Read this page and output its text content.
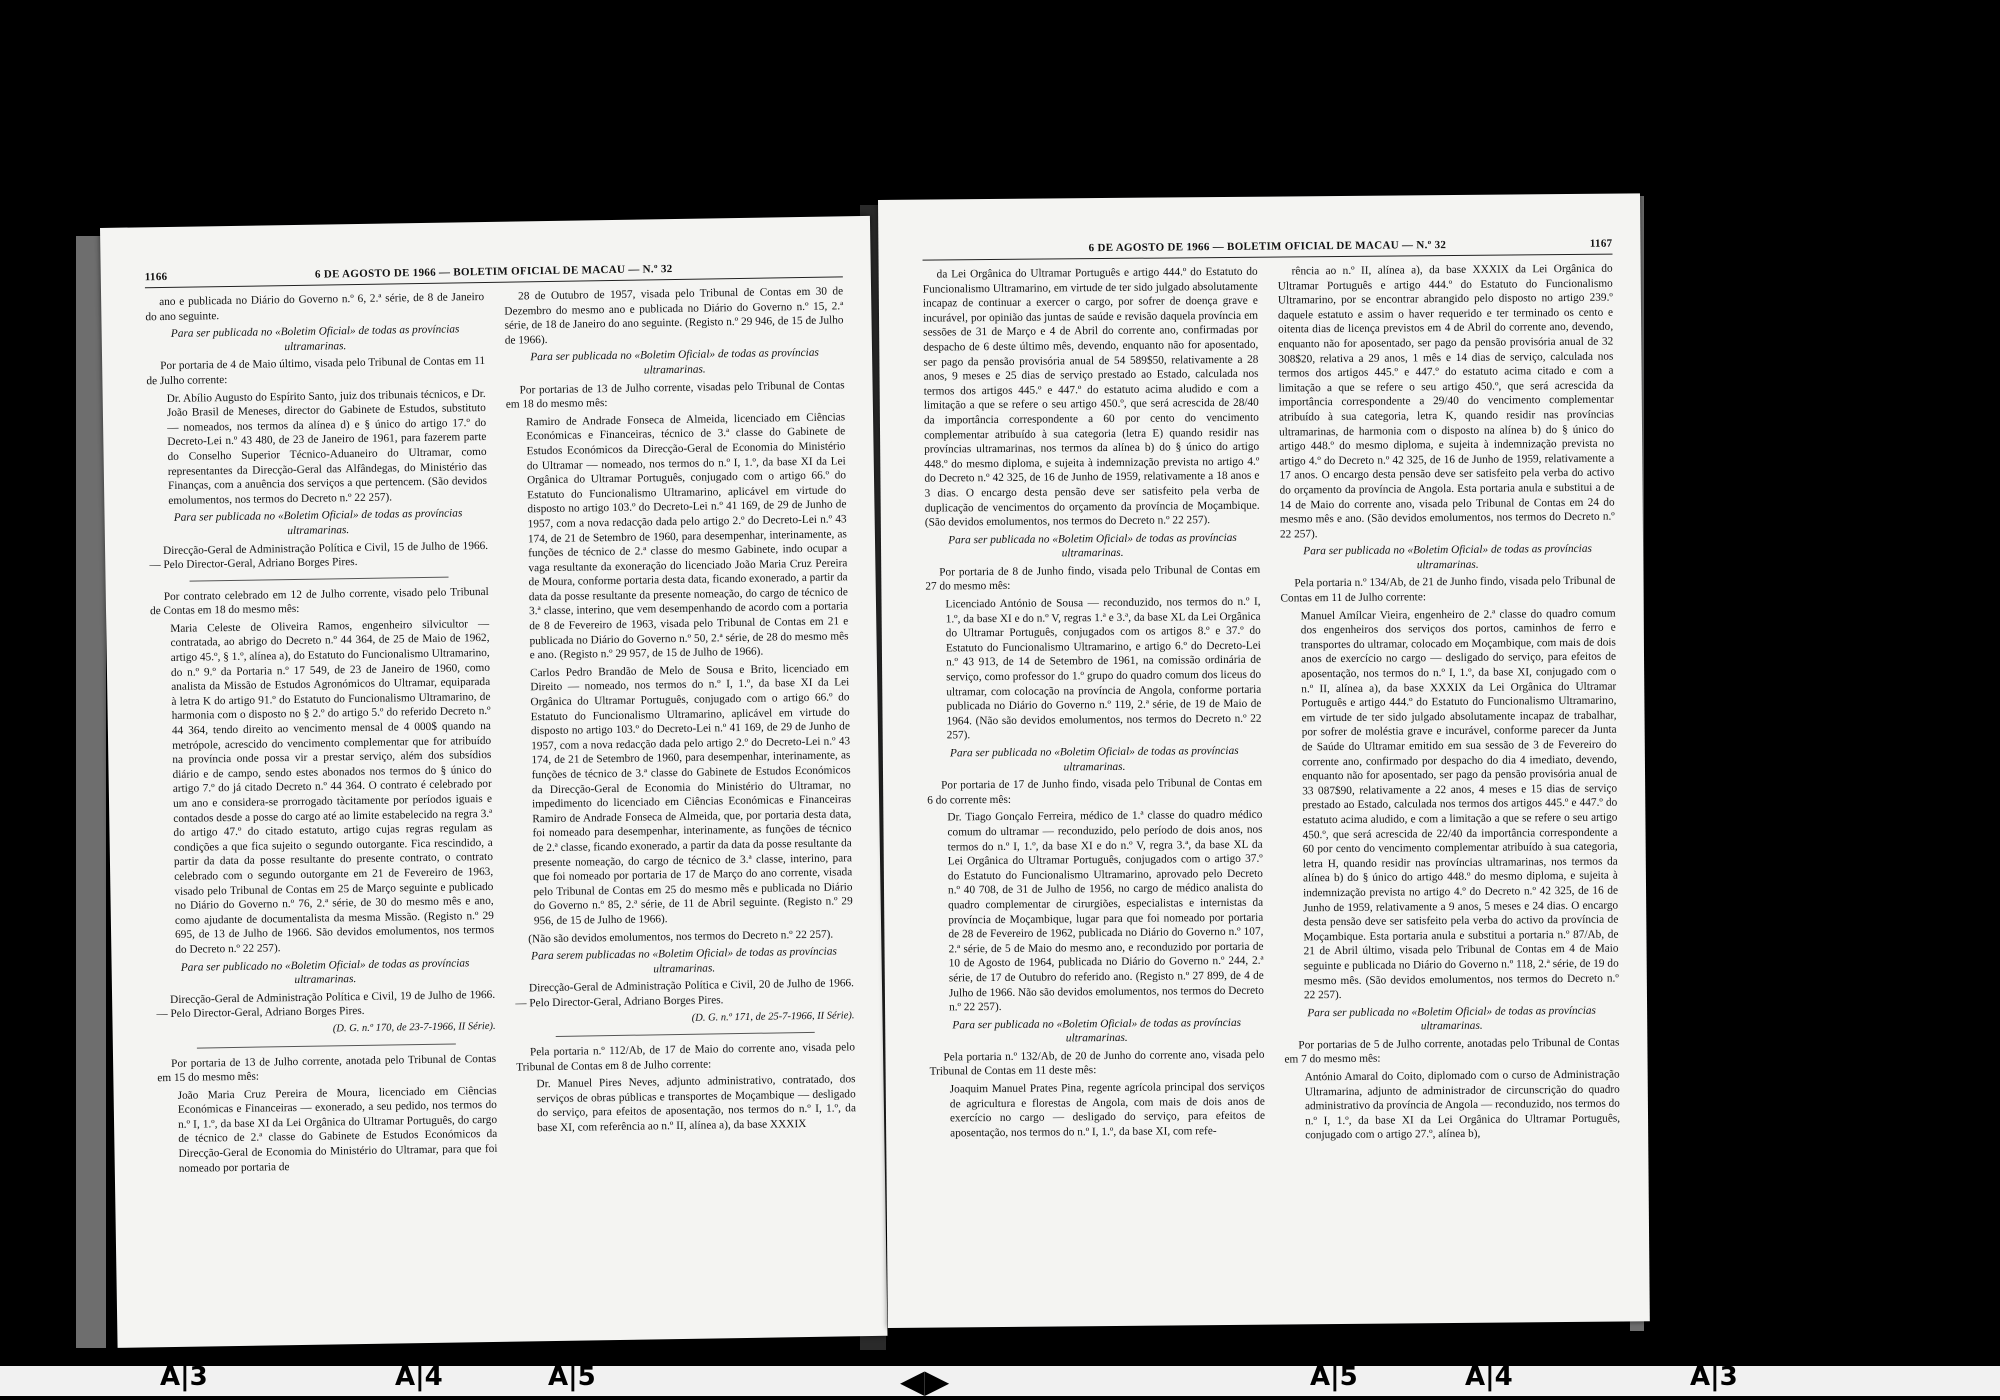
1166	6 DE AGOSTO DE 1966 — BOLETIM OFICIAL DE MACAU — N.º 32

ano e publicada no Diário do Governo n.º 6, 2.ª série, de 8 de Janeiro do ano seguinte.

Para ser publicada no «Boletim Oficial» de todas as províncias ultramarinas.

Por portaria de 4 de Maio último, visada pelo Tribunal de Contas em 11 de Julho corrente:

Dr. Abílio Augusto do Espírito Santo, juiz dos tribunais técnicos, e Dr. João Brasil de Meneses, director do Gabinete de Estudos, substituto — nomeados, nos termos da alínea d) e § único do artigo 17.º do Decreto-Lei n.º 43 480, de 23 de Janeiro de 1961, para fazerem parte do Conselho Superior Técnico-Aduaneiro do Ultramar, como representantes da Direcção-Geral das Alfândegas, do Ministério das Finanças, com a anuência dos serviços a que pertencem. (São devidos emolumentos, nos termos do Decreto n.º 22 257).

Para ser publicada no «Boletim Oficial» de todas as províncias ultramarinas.

Direcção-Geral de Administração Política e Civil, 15 de Julho de 1966. — Pelo Director-Geral, Adriano Borges Pires.

Por contrato celebrado em 12 de Julho corrente, visado pelo Tribunal de Contas em 18 do mesmo mês:

Maria Celeste de Oliveira Ramos, engenheiro silvicultor — contratada, ao abrigo do Decreto n.º 44 364, de 25 de Maio de 1962, artigo 45.º, § 1.º, alínea a), do Estatuto do Funcionalismo Ultramarino, do n.º 9.º da Portaria n.º 17 549, de 23 de Janeiro de 1960, como analista da Missão de Estudos Agronómicos do Ultramar, equiparada à letra K do artigo 91.º do Estatuto do Funcionalismo Ultramarino, de harmonia com o disposto no § 2.º do artigo 5.º do referido Decreto n.º 44 364, tendo direito ao vencimento mensal de 4 000$ quando na metrópole, acrescido do vencimento complementar que for atribuído na província onde possa vir a prestar serviço, além dos subsídios diário e de campo, sendo estes abonados nos termos do § único do artigo 7.º do já citado Decreto n.º 44 364. O contrato é celebrado por um ano e considera-se prorrogado tàcitamente por períodos iguais e contados desde a posse do cargo até ao limite estabelecido na regra 3.ª do artigo 47.º do citado estatuto, artigo cujas regras regulam as condições a que fica sujeito o segundo outorgante. Fica rescindido, a partir da data da posse resultante do presente contrato, o contrato celebrado com o segundo outorgante em 21 de Fevereiro de 1963, visado pelo Tribunal de Contas em 25 de Março seguinte e publicado no Diário do Governo n.º 76, 2.ª série, de 30 do mesmo mês e ano, como ajudante de documentalista da mesma Missão. (Registo n.º 29 695, de 13 de Julho de 1966. São devidos emolumentos, nos termos do Decreto n.º 22 257).

Para ser publicado no «Boletim Oficial» de todas as províncias ultramarinas.

Direcção-Geral de Administração Política e Civil, 19 de Julho de 1966. — Pelo Director-Geral, Adriano Borges Pires.

(D. G. n.º 170, de 23-7-1966, II Série).

Por portaria de 13 de Julho corrente, anotada pelo Tribunal de Contas em 15 do mesmo mês:

João Maria Cruz Pereira de Moura, licenciado em Ciências Económicas e Financeiras — exonerado, a seu pedido, nos termos do n.º I, 1.º, da base XI da Lei Orgânica do Ultramar Português, do cargo de técnico de 2.ª classe do Gabinete de Estudos Económicos da Direcção-Geral de Economia do Ministério do Ultramar, para que foi nomeado por portaria de

28 de Outubro de 1957, visada pelo Tribunal de Contas em 30 de Dezembro do mesmo ano e publicada no Diário do Governo n.º 15, 2.ª série, de 18 de Janeiro do ano seguinte. (Registo n.º 29 946, de 15 de Julho de 1966).

Para ser publicada no «Boletim Oficial» de todas as províncias ultramarinas.

Por portarias de 13 de Julho corrente, visadas pelo Tribunal de Contas em 18 do mesmo mês:

Ramiro de Andrade Fonseca de Almeida, licenciado em Ciências Económicas e Financeiras, técnico de 3.ª classe do Gabinete de Estudos Económicos da Direcção-Geral de Economia do Ministério do Ultramar — nomeado, nos termos do n.º I, 1.º, da base XI da Lei Orgânica do Ultramar Português, conjugado com o artigo 66.º do Estatuto do Funcionalismo Ultramarino, aplicável em virtude do disposto no artigo 103.º do Decreto-Lei n.º 41 169, de 29 de Junho de 1957, com a nova redacção dada pelo artigo 2.º do Decreto-Lei n.º 43 174, de 21 de Setembro de 1960, para desempenhar, interinamente, as funções de técnico de 2.ª classe do mesmo Gabinete, indo ocupar a vaga resultante da exoneração do licenciado João Maria Cruz Pereira de Moura, conforme portaria desta data, ficando exonerado, a partir da data da posse resultante da presente nomeação, do cargo de técnico de 3.ª classe, interino, que vem desempenhando de acordo com a portaria de 8 de Fevereiro de 1963, visada pelo Tribunal de Contas em 21 e publicada no Diário do Governo n.º 50, 2.ª série, de 28 do mesmo mês e ano. (Registo n.º 29 957, de 15 de Julho de 1966).

Carlos Pedro Brandão de Melo de Sousa e Brito, licenciado em Direito — nomeado, nos termos do n.º I, 1.º, da base XI da Lei Orgânica do Ultramar Português, conjugado com o artigo 66.º do Estatuto do Funcionalismo Ultramarino, aplicável em virtude do disposto no artigo 103.º do Decreto-Lei n.º 41 169, de 29 de Junho de 1957, com a nova redacção dada pelo artigo 2.º do Decreto-Lei n.º 43 174, de 21 de Setembro de 1960, para desempenhar, interinamente, as funções de técnico de 3.ª classe do Gabinete de Estudos Económicos da Direcção-Geral de Economia do Ministério do Ultramar, no impedimento do licenciado em Ciências Económicas e Financeiras Ramiro de Andrade Fonseca de Almeida, que, por portaria desta data, foi nomeado para desempenhar, interinamente, as funções de técnico de 2.ª classe, ficando exonerado, a partir da data da posse resultante da presente nomeação, do cargo de técnico de 3.ª classe, interino, para que foi nomeado por portaria de 17 de Março do ano corrente, visada pelo Tribunal de Contas em 25 do mesmo mês e publicada no Diário do Governo n.º 85, 2.ª série, de 11 de Abril seguinte. (Registo n.º 29 956, de 15 de Julho de 1966).

(Não são devidos emolumentos, nos termos do Decreto n.º 22 257).

Para serem publicadas no «Boletim Oficial» de todas as províncias ultramarinas.

Direcção-Geral de Administração Política e Civil, 20 de Julho de 1966. — Pelo Director-Geral, Adriano Borges Pires.

(D. G. n.º 171, de 25-7-1966, II Série).

Pela portaria n.º 112/Ab, de 17 de Maio do corrente ano, visada pelo Tribunal de Contas em 8 de Julho corrente:

Dr. Manuel Pires Neves, adjunto administrativo, contratado, dos serviços de obras públicas e transportes de Moçambique — desligado do serviço, para efeitos de aposentação, nos termos do n.º I, 1.º, da base XI, com referência ao n.º II, alínea a), da base XXXIX

6 DE AGOSTO DE 1966 — BOLETIM OFICIAL DE MACAU — N.º 32	1167

da Lei Orgânica do Ultramar Português e artigo 444.º do Estatuto do Funcionalismo Ultramarino, em virtude de ter sido julgado absolutamente incapaz de continuar a exercer o cargo, por sofrer de doença grave e incurável, por opinião das juntas de saúde e revisão daquela província em sessões de 31 de Março e 4 de Abril do corrente ano, confirmadas por despacho de 6 deste último mês, devendo, enquanto não for aposentado, ser pago da pensão provisória anual de 54 589$50, relativamente a 28 anos, 9 meses e 25 dias de serviço prestado ao Estado, calculada nos termos dos artigos 445.º e 447.º do estatuto acima aludido e com a limitação a que se refere o seu artigo 450.º, que será acrescida de 28/40 da importância correspondente a 60 por cento do vencimento complementar atribuído à sua categoria (letra E) quando residir nas províncias ultramarinas, nos termos da alínea b) do § único do artigo 448.º do mesmo diploma, e sujeita à indemnização prevista no artigo 4.º do Decreto n.º 42 325, de 16 de Junho de 1959, relativamente a 18 anos e 3 dias. O encargo desta pensão deve ser satisfeito pela verba de duplicação de vencimentos do orçamento da província de Moçambique. (São devidos emolumentos, nos termos do Decreto n.º 22 257).

Para ser publicada no «Boletim Oficial» de todas as províncias ultramarinas.

Por portaria de 8 de Junho findo, visada pelo Tribunal de Contas em 27 do mesmo mês:

Licenciado António de Sousa — reconduzido, nos termos do n.º I, 1.º, da base XI e do n.º V, regras 1.ª e 3.ª, da base XL da Lei Orgânica do Ultramar Português, conjugados com os artigos 8.º e 37.º do Estatuto do Funcionalismo Ultramarino, e artigo 6.º do Decreto-Lei n.º 43 913, de 14 de Setembro de 1961, na comissão ordinária de serviço, como professor do 1.º grupo do quadro comum dos liceus do ultramar, com colocação na província de Angola, conforme portaria publicada no Diário do Governo n.º 119, 2.ª série, de 19 de Maio de 1964. (Não são devidos emolumentos, nos termos do Decreto n.º 22 257).

Para ser publicada no «Boletim Oficial» de todas as províncias ultramarinas.

Por portaria de 17 de Junho findo, visada pelo Tribunal de Contas em 6 do corrente mês:

Dr. Tiago Gonçalo Ferreira, médico de 1.ª classe do quadro médico comum do ultramar — reconduzido, pelo período de dois anos, nos termos do n.º I, 1.º, da base XI e do n.º V, regra 3.ª, da base XL da Lei Orgânica do Ultramar Português, conjugados com o artigo 37.º do Estatuto do Funcionalismo Ultramarino, aprovado pelo Decreto n.º 40 708, de 31 de Julho de 1956, no cargo de médico analista do quadro complementar de cirurgiões, especialistas e internistas da província de Moçambique, lugar para que foi nomeado por portaria de 28 de Fevereiro de 1962, publicada no Diário do Governo n.º 107, 2.ª série, de 5 de Maio do mesmo ano, e reconduzido por portaria de 10 de Agosto de 1964, publicada no Diário do Governo n.º 244, 2.ª série, de 17 de Outubro do referido ano. (Registo n.º 27 899, de 4 de Julho de 1966. Não são devidos emolumentos, nos termos do Decreto n.º 22 257).

Para ser publicada no «Boletim Oficial» de todas as províncias ultramarinas.

Pela portaria n.º 132/Ab, de 20 de Junho do corrente ano, visada pelo Tribunal de Contas em 11 deste mês:

Joaquim Manuel Prates Pina, regente agrícola principal dos serviços de agricultura e florestas de Angola, com mais de dois anos de exercício no cargo — desligado do serviço, para efeitos de aposentação, nos termos do n.º I, 1.º, da base XI, com refe-

rência ao n.º II, alínea a), da base XXXIX da Lei Orgânica do Ultramar Português e artigo 444.º do Estatuto do Funcionalismo Ultramarino, por se encontrar abrangido pelo disposto no artigo 239.º daquele estatuto e assim o haver requerido e ter terminado os cento e oitenta dias de licença previstos em 4 de Abril do corrente ano, devendo, enquanto não for aposentado, ser pago da pensão provisória anual de 32 308$20, relativa a 29 anos, 1 mês e 14 dias de serviço, calculada nos termos dos artigos 445.º e 447.º do estatuto acima citado e com a limitação a que se refere o seu artigo 450.º, que será acrescida da importância correspondente a 29/40 do vencimento complementar atribuído à sua categoria, letra K, quando residir nas províncias ultramarinas, de harmonia com o disposto na alínea b) do § único do artigo 448.º do mesmo diploma, e sujeita à indemnização prevista no artigo 4.º do Decreto n.º 42 325, de 16 de Junho de 1959, relativamente a 17 anos. O encargo desta pensão deve ser satisfeito pela verba do activo do orçamento da província de Angola. Esta portaria anula e substitui a de 14 de Maio do corrente ano, visada pelo Tribunal de Contas em 24 do mesmo mês e ano. (São devidos emolumentos, nos termos do Decreto n.º 22 257).

Para ser publicada no «Boletim Oficial» de todas as províncias ultramarinas.

Pela portaria n.º 134/Ab, de 21 de Junho findo, visada pelo Tribunal de Contas em 11 de Julho corrente:

Manuel Amílcar Vieira, engenheiro de 2.ª classe do quadro comum dos engenheiros dos serviços dos portos, caminhos de ferro e transportes do ultramar, colocado em Moçambique, com mais de dois anos de exercício no cargo — desligado do serviço, para efeitos de aposentação, nos termos do n.º I, 1.º, da base XI, conjugado com o n.º II, alínea a), da base XXXIX da Lei Orgânica do Ultramar Português e artigo 444.º do Estatuto do Funcionalismo Ultramarino, em virtude de ter sido julgado absolutamente incapaz de trabalhar, por sofrer de moléstia grave e incurável, conforme parecer da Junta de Saúde do Ultramar emitido em sua sessão de 3 de Fevereiro do corrente ano, confirmado por despacho do dia 4 imediato, devendo, enquanto não for aposentado, ser pago da pensão provisória anual de 33 087$90, relativamente a 22 anos, 4 meses e 15 dias de serviço prestado ao Estado, calculada nos termos dos artigos 445.º e 447.º do estatuto acima aludido, e com a limitação a que se refere o seu artigo 450.º, que será acrescida de 22/40 da importância correspondente a 60 por cento do vencimento complementar atribuído à sua categoria, letra H, quando residir nas províncias ultramarinas, nos termos da alínea b) do § único do artigo 448.º do mesmo diploma, e sujeita à indemnização prevista no artigo 4.º do Decreto n.º 42 325, de 16 de Junho de 1959, relativamente a 9 anos, 5 meses e 24 dias. O encargo desta pensão deve ser satisfeito pela verba do activo da província de Moçambique. Esta portaria anula e substitui a portaria n.º 87/Ab, de 21 de Abril último, visada pelo Tribunal de Contas em 4 de Maio seguinte e publicada no Diário do Governo n.º 118, 2.ª série, de 19 do mesmo mês. (São devidos emolumentos, nos termos do Decreto n.º 22 257).

Para ser publicada no «Boletim Oficial» de todas as províncias ultramarinas.

Por portarias de 5 de Julho corrente, anotadas pelo Tribunal de Contas em 7 do mesmo mês:

António Amaral do Coito, diplomado com o curso de Administração Ultramarina, adjunto de administrador de circunscrição do quadro administrativo da província de Angola — reconduzido, nos termos do n.º I, 1.º, da base XI da Lei Orgânica do Ultramar Português, conjugado com o artigo 27.º, alínea b),

A|3	A|4	A|5	◀▶	A|5	A|4	A|3
